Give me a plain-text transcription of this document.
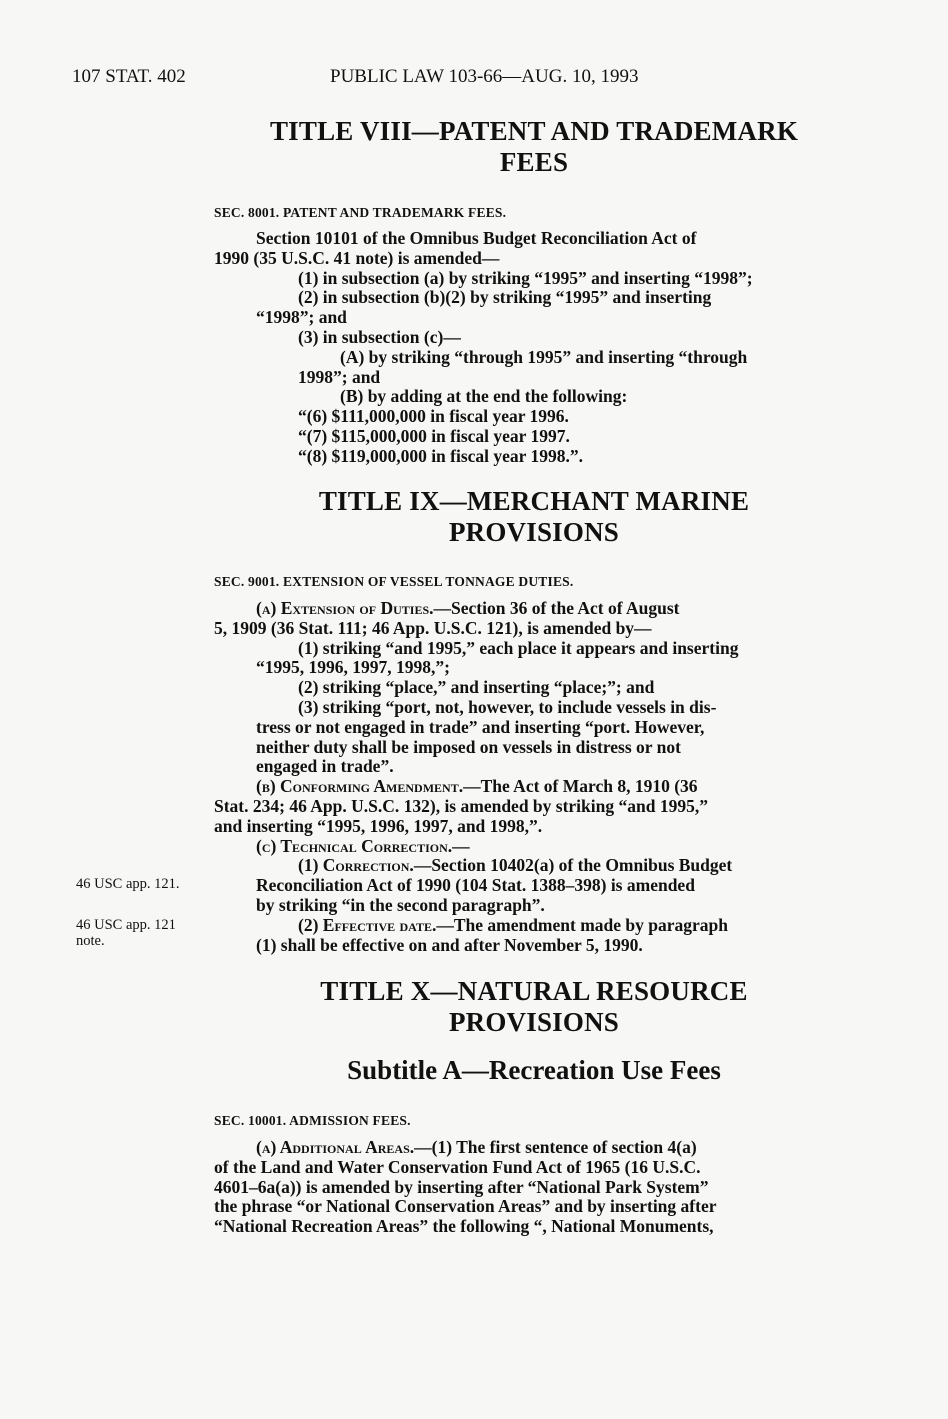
107 STAT. 402	PUBLIC LAW 103-66—AUG. 10, 1993
TITLE VIII—PATENT AND TRADEMARK
FEES
SEC. 8001. PATENT AND TRADEMARK FEES.

Section 10101 of the Omnibus Budget Reconciliation Act of

1990 (35 U.S.C. 41 note) is amended—

(1) in subsection (a) by striking “1995” and inserting “1998”;

(2) in subsection (b)(2) by striking “1995” and inserting

“1998”; and

(3) in subsection (c)—

(A) by striking “through 1995” and inserting “through

1998”; and

(B) by adding at the end the following:

“(6) $111,000,000 in fiscal year 1996.

“(7) $115,000,000 in fiscal year 1997.

“(8) $119,000,000 in fiscal year 1998.”.

TITLE IX—MERCHANT MARINE
PROVISIONS
SEC. 9001. EXTENSION OF VESSEL TONNAGE DUTIES.

(a) Extension of Duties.—Section 36 of the Act of August

5, 1909 (36 Stat. 111; 46 App. U.S.C. 121), is amended by—

(1) striking “and 1995,” each place it appears and inserting

“1995, 1996, 1997, 1998,”;

(2) striking “place,” and inserting “place;”; and

(3) striking “port, not, however, to include vessels in dis-

tress or not engaged in trade” and inserting “port. However,

neither duty shall be imposed on vessels in distress or not

engaged in trade”.

(b) Conforming Amendment.—The Act of March 8, 1910 (36

Stat. 234; 46 App. U.S.C. 132), is amended by striking “and 1995,”

and inserting “1995, 1996, 1997, and 1998,”.

(c) Technical Correction.—

(1) Correction.—Section 10402(a) of the Omnibus Budget

Reconciliation Act of 1990 (104 Stat. 1388–398) is amended

by striking “in the second paragraph”.

(2) Effective date.—The amendment made by paragraph

(1) shall be effective on and after November 5, 1990.

46 USC app. 121.
46 USC app. 121
note.
TITLE X—NATURAL RESOURCE
PROVISIONS
Subtitle A—Recreation Use Fees
SEC. 10001. ADMISSION FEES.

(a) Additional Areas.—(1) The first sentence of section 4(a)

of the Land and Water Conservation Fund Act of 1965 (16 U.S.C.

4601–6a(a)) is amended by inserting after “National Park System”

the phrase “or National Conservation Areas” and by inserting after

“National Recreation Areas” the following “, National Monuments,
